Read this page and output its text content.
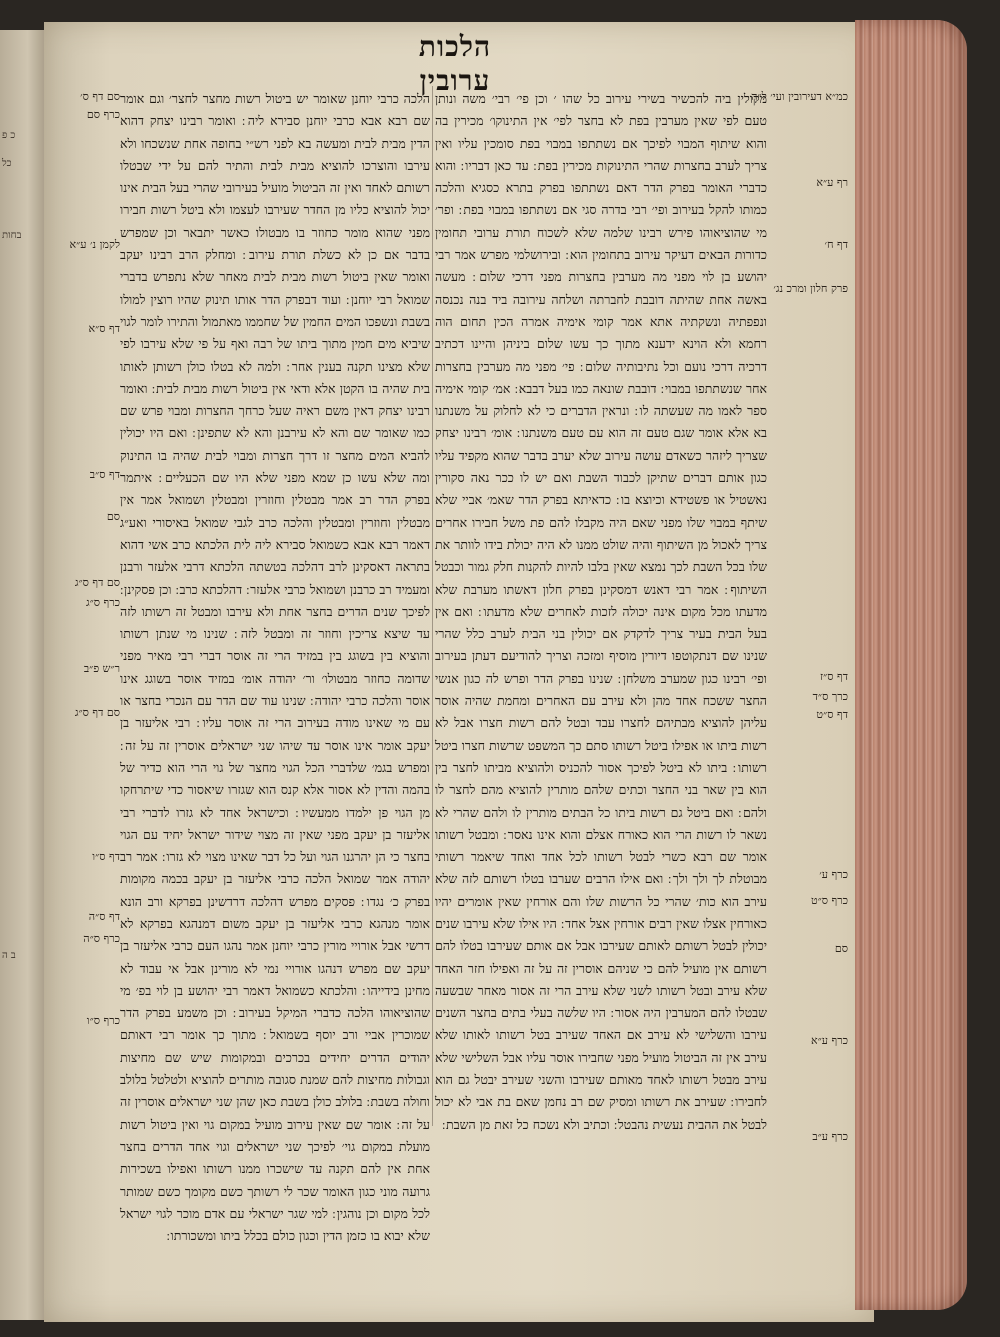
כ פ
כל
בחות
ב ה
הלכות ערובין

מקולין ביה להכשיר בשירי עירוב כל שהו ׳ וכן פי׳ רבי׳ משה ונותן טעם לפי שאין מערבין בפת לא בחצר לפי׳ אין התינוקו׳ מכירין בה והוא שיתוף המבוי לפיכך אם נשתתפו במבוי בפת סומכין עליו ואין צריך לערב בחצרות שהרי התינוקות מכירין בפת ׃ עד כאן דבריו ׃ והוא כדברי האומר בפרק הדר דאם נשתתפו בפרק בתרא כסגיא והלכה כמותו להקל בעירוב ופי׳ רבי בדרה סגי אם נשתתפו במבוי בפת ׃ ופר׳ מי שהוציאוהו פירש רבינו שלמה שלא לשכוח תורת ערובי תחומין כדורות הבאים דעיקר עירוב בתחומין הוא ׃ ובירושלמי מפרש אמר רבי יהושע בן לוי מפני מה מערבין בחצרות מפני דרכי שלום ׃ מעשה באשה אחת שהיתה דובבת לחברתה ושלחה עירובה ביד בנה נכנסה ונפפתיה ונשקתיה אתא אמר קומי אימיה אמרה הכין תחום הוה רחמא ולא הוינא ידענא מתוך כך עשו שלום ביניהן והיינו דכתיב דרכיה דרכי נועם וכל נתיבותיה שלום ׃ פי׳ מפני מה מערבין בחצרות אחר שנשתתפו במבוי ׃ דובבת שונאה כמו בעל דבבא ׃ אמ׳ קומי אימיה ספר לאמו מה שעשתה לו ׃ ונראין הדברים כי לא לחלוק על משנתנו בא אלא אומר שגם טעם זה הוא עם טעם משנתנו ׃ אומ׳ רבינו יצחק שצריך ליזהר כשאדם עושה עירוב שלא יערב בדבר שהוא מקפיד עליו כגון אותם דברים שתיקן לכבוד השבת ואם יש לו ככר נאה סקורין נאשטיל או פשטידא וכיוצא בו ׃ כדאיתא בפרק הדר שאמ׳ אביי שלא שיתף במבוי שלו מפני שאם היה מקבלו להם פת משל חבירו אחרים צריך לאכול מן השיתוף והיה שולט ממנו לא היה יכולת בידו לוותר את שלו בכל השבת לכך נמצא שאין בלבו להיות להקנות חלק גמור וכבטל השיתוף ׃ אמר רבי דאנש דמסקינן בפרק חלון דאשתו מערבת שלא מדעתו מכל מקום אינה יכולה לזכות לאחרים שלא מדעתו ׃ ואם אין בעל הבית בעיר צריך לדקדק אם יכולין בני הבית לערב כלל שהרי שנינו שם דנתקוטפו דיורין מוסיף ומזכה וצריך להודיעם דעתן בעירוב ופי׳ רבינו כגון שמערב משלחן ׃ שנינו בפרק הדר ופרש לה כגון אנשי החצר ששכח אחד מהן ולא עירב עם האחרים ומחמת שהיה אוסר עליהן להוציא מבתיהם לחצרו עבד ובטל להם רשות חצרו אבל לא רשות ביתו או אפילו ביטל רשותו סתם כך המשפט שרשות חצרו ביטל רשותו ׃ ביתו לא ביטל לפיכך אסור להכניס ולהוציא מביתו לחצר בין הוא בין שאר בני החצר וכתים שלהם מותרין להוציא מהם לחצר לו ולהם ׃ ואם ביטל גם רשות ביתו כל הבתים מותרין לו ולהם שהרי לא נשאר לו רשות הרי הוא כאורח אצלם והוא אינו נאסר ׃ ומבטל רשותו אומר שם רבא כשרי לבטל רשותו לכל אחד ואחד שיאמר רשותי מבוטלת לך ולך ולך ׃ ואם אילו הרבים שערבו בטלו רשותם לזה שלא עירב הוא כות׳ שהרי כל הרשות שלו והם אורחין שאין אומרים יהיו כאורחין אצלו שאין רבים אורחין אצל אחד ׃ היו אילו שלא עירבו שנים יכולין לבטל רשותם לאותם שעירבו אבל אם אותם שעירבו בטלו להם רשותם אין מועיל להם כי שניהם אוסרין זה על זה ואפילו חזר האחד שלא עירב ובטל רשותו לשני שלא עירב הרי זה אסור מאחר שבשעה שבטלו להם המערבין היה אסור ׃ היו שלשה בעלי בתים בחצר השנים עירבו והשלישי לא עירב אם האחד שעירב בטל רשותו לאותו שלא עירב אין זה הביטול מועיל מפני שחבירו אוסר עליו אבל השלישי שלא עירב מבטל רשותו לאחד מאותם שעירבו והשני שעירב יבטל גם הוא לחבירו ׃ שעירב את רשותו ומסיק שם רב נחמן שאם בת אבי לא יכול לבטל את ההבית נעשית נהבטל ׃ וכתיב ולא נשכח כל זאת מן השבת ׃

הלכה כרבי יוחנן שאומר יש ביטול רשות מחצר לחצר׳ וגם אומר שם רבא אבא כרבי יוחנן סבירא ליה ׃ ואומר רבינו יצחק דהוא הדין מבית לבית ומעשה בא לפני רש״י בחופה אחת שנשכחו ולא עירבו והוצרכו להוציא מבית לבית והתיר להם על ידי שבטלו רשותם לאחד ואין זה הביטול מועיל בעירובי שהרי בעל הבית אינו יכול להוציא כליו מן החדר שעירבו לעצמו ולא ביטל רשות חבירו מפני שהוא מומר כחוזר בו מבטולו כאשר יתבאר וכן שמפרש בדבר אם כן לא כשלת תורת עירוב ׃ ומחלק הרב רבינו יעקב ואומר שאין ביטול רשות מבית לבית מאחר שלא נתפרש בדברי שמואל רבי יוחנן ׃ ועוד דבפרק הדר אותו תינוק שהיו רוצין למולו בשבת ונשפכו המים החמין של שחממו מאתמול והתירו לומר לגוי שיביא מים חמין מתוך ביתו של רבה ואף על פי שלא עירבו לפי שלא מצינו תקנה בענין אחר ׃ ולמה לא בטלו כולן רשותן לאותו בית שהיה בו הקטן אלא ודאי אין ביטול רשות מבית לבית ׃ ואומר רבינו יצחק דאין משם ראיה שעל כרחך החצרות ומבוי פרש שם כמו שאומר שם והא לא עירבנן והא לא שתפינן ׃ ואם היו יכולין להביא המים מחצר זו דרך חצרות ומבוי לבית שהיה בו התינוק ומה שלא עשו כן שמא מפני שלא היו שם הכעליים ׃ איתמר בפרק הדר רב אמר מבטלין וחוזרין ומבטלין ושמואל אמר אין מבטלין וחוזרין ומבטלין והלכה כרב לגבי שמואל באיסורי ואע״ג דאמר רבא אבא כשמואל סבירא ליה לית הלכתא כרב אשי דהוא בתראה דאסקינן לרב דהלכה בטשתה הלכתא דרבי אלעזר ורבנן ומעמיד רב כרבנן ושמואל כרבי אלעזר ׃ דהלכתא כרב ׃ וכן פסקינן ׃ לפיכך שנים הדרים בחצר אחת ולא עירבו ומבטל זה רשותו לזה עד שיצא צריכין וחוזר זה ומבטל לזה ׃ שנינו מי שנתן רשותו והוציא בין בשוגג בין במזיד הרי זה אוסר דברי רבי מאיר מפני שדומה כחוזר מבטולו׳ ור׳ יהודה אומ׳ במזיד אוסר בשוגג אינו אוסר והלכה כרבי יהודה ׃ שנינו עוד שם הדר עם הנכרי בחצר או עם מי שאינו מודה בעירוב הרי זה אוסר עליו ׃ רבי אליעזר בן יעקב אומר אינו אוסר עד שיהו שני ישראלים אוסרין זה על זה ׃ ומפרש בגמ׳ שלדברי הכל הגוי מחצר של גוי הרי הוא כדיר של בהמה והדין לא אסור אלא קנס הוא שגזרו שיאסור כדי שיתרחקו מן הגוי פן ילמדו ממעשיו ׃ וכישראל אחד לא גזרו לדברי רבי אליעזר בן יעקב מפני שאין זה מצוי שידור ישראל יחיד עם הגוי בחצר כי הן יהרגנו הגוי ועל כל דבר שאינו מצוי לא גזרו ׃ אמר רב יהודה אמר שמואל הלכה כרבי אליעזר בן יעקב בכמה מקומות בפרק כ׳ נגדו ׃ פסקים מפרש דהלכה דרדשינן בפרקא ורב הונא אומר מנהגא כרבי אליעזר בן יעקב משום דמנהגא בפרקא לא דרשי אבל אורויי מורין כרבי יוחנן אמר נהגו העם כרבי אליעזר בן יעקב שם מפרש דנהגו אורויי נמי לא מורינן אבל אי עבוד לא מחינן בידייהו ׃ והלכתא כשמואל דאמר רבי יהושע בן לוי בפ׳ מי שהוציאוהו הלכה כדברי המיקל בעירוב ׃ וכן משמע בפרק הדר שמוכרין אביי ורב יוסף בשמואל ׃ מתוך כך אומר רבי דאותם יהודים הדרים יחידים בכרכים ובמקומות שיש שם מחיצות וגבולות מחיצות להם שמנת סגובה מותרים להוציא ולטלטל בלולב וחולה בשבת ׃ בלולב כולן בשבת כאן שהן שני ישראלים אוסרין זה על זה ׃ אומר שם שאין עירוב מועיל במקום גוי ואין ביטול רשות מועלת במקום גוי׳ לפיכך שני ישראלים וגוי אחד הדרים בחצר אחת אין להם תקנה עד שישכרו ממנו רשותו ואפילו בשכירות גרועה מוני כגון האומר שכר לי רשותך כשם מקומך כשם שמותר לכל מקום וכן נוהגין ׃ למי שגר ישראלי עם אדם מוכר לגוי ישראל שלא יבוא בו כזמן הדין וכגון כולם בכלל ביתו ומשכורתו ׃

כמ״א דעירובין ועי׳ ל״ה
רף ע״א
דף ח׳
פרק חלון ומרכ נג׳
דף ס״ז
כרך ס״ד
דף ס״ט
כרף ע׳
כרף ס״ט
סם
כרף ע״א
כרף ע״ב
סם דף ס׳
כרף סם
לקמן נ׳ ע״א
דף ס״א
דף ס״ב
סם
סם דף ס״ג
כרף ס״ג
ר״ש פ״ב
סם דף ס״ג
דף ס״ו
דף ס״ה
כרף ס״ה
כרף ס״ו
